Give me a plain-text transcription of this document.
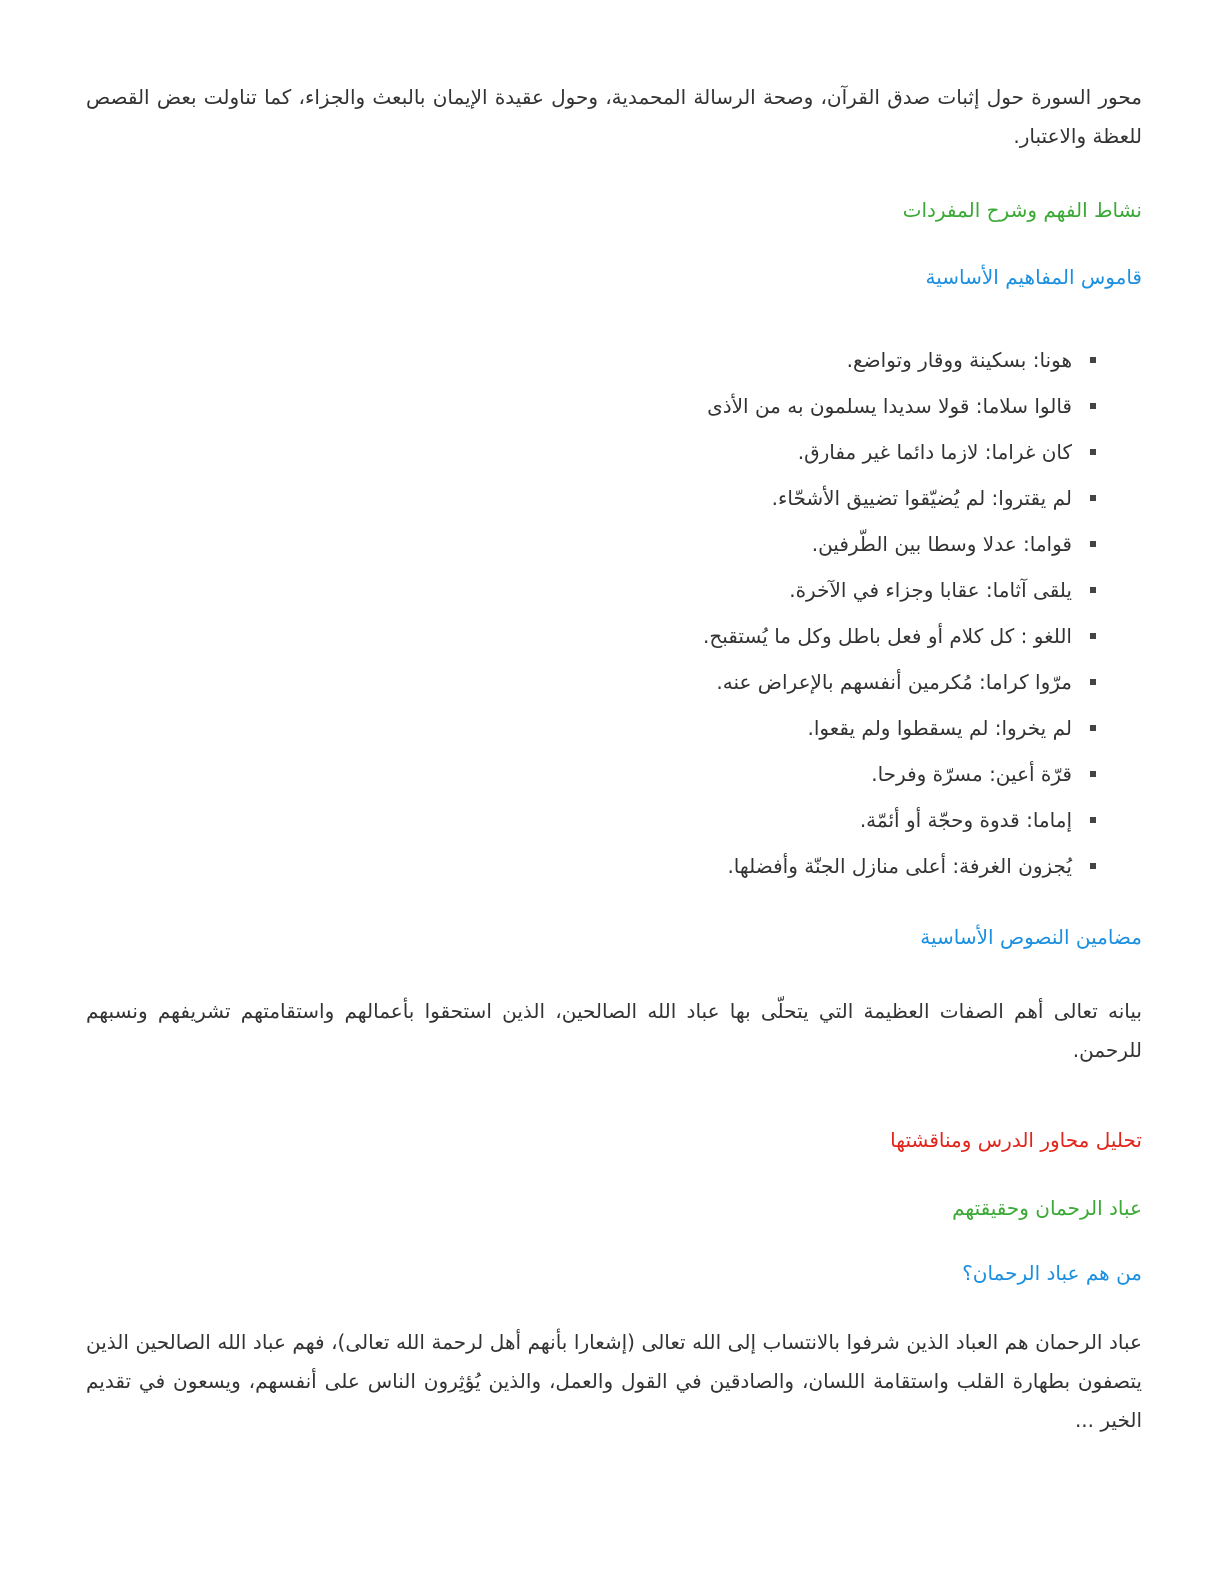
محور السورة حول إثبات صدق القرآن، وصحة الرسالة المحمدية، وحول عقيدة الإيمان بالبعث والجزاء، كما تناولت بعض القصص للعظة والاعتبار.

نشاط الفهم وشرح المفردات

قاموس المفاهيم الأساسية

هونا: بسكينة ووقار وتواضع.
قالوا سلاما: قولا سديدا يسلمون به من الأذى
كان غراما: لازما دائما غير مفارق.
لم يقتروا: لم يُضيّقوا تضييق الأشحّاء.
قواما: عدلا وسطا بين الطّرفين.
يلقى آثاما: عقابا وجزاء في الآخرة.
اللغو : كل كلام أو فعل باطل وكل ما يُستقبح.
مرّوا كراما: مُكرمين أنفسهم بالإعراض عنه.
لم يخروا: لم يسقطوا ولم يقعوا.
قرّة أعين: مسرّة وفرحا.
إماما: قدوة وحجّة أو أئمّة.
يُجزون الغرفة: أعلى منازل الجنّة وأفضلها.

مضامين النصوص الأساسية

بيانه تعالى أهم الصفات العظيمة التي يتحلّى بها عباد الله الصالحين، الذين استحقوا بأعمالهم واستقامتهم تشريفهم ونسبهم للرحمن.

تحليل محاور الدرس ومناقشتها

عباد الرحمان وحقيقتهم

من هم عباد الرحمان؟

عباد الرحمان هم العباد الذين شرفوا بالانتساب إلى الله تعالى (إشعارا بأنهم أهل لرحمة الله تعالى)، فهم عباد الله الصالحين الذين يتصفون بطهارة القلب واستقامة اللسان، والصادقين في القول والعمل، والذين يُؤثِرون الناس على أنفسهم، ويسعون في تقديم الخير ...
